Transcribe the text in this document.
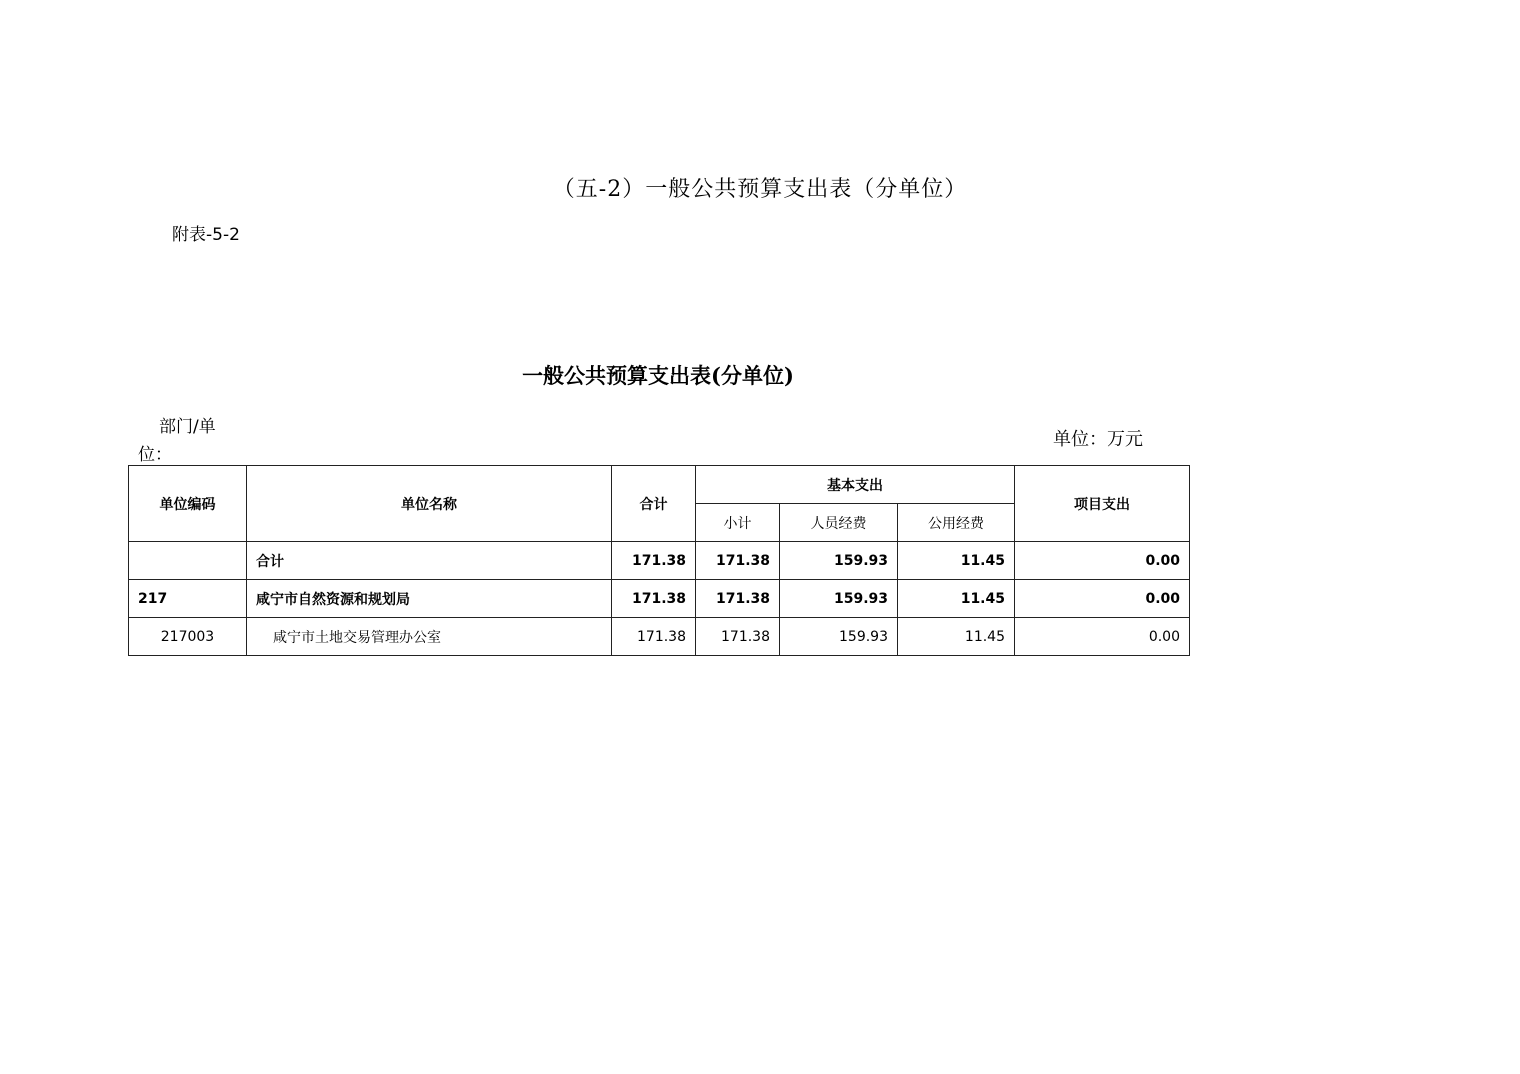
（五-2）一般公共预算支出表（分单位）
附表-5-2
一般公共预算支出表(分单位)
部门/单
位：
单位：万元
单位编码	单位名称	合计	基本支出			项目支出
			小计	人员经费	公用经费	
	合计	171.38	171.38	159.93	11.45	0.00
217	咸宁市自然资源和规划局	171.38	171.38	159.93	11.45	0.00
217003	咸宁市土地交易管理办公室	171.38	171.38	159.93	11.45	0.00
